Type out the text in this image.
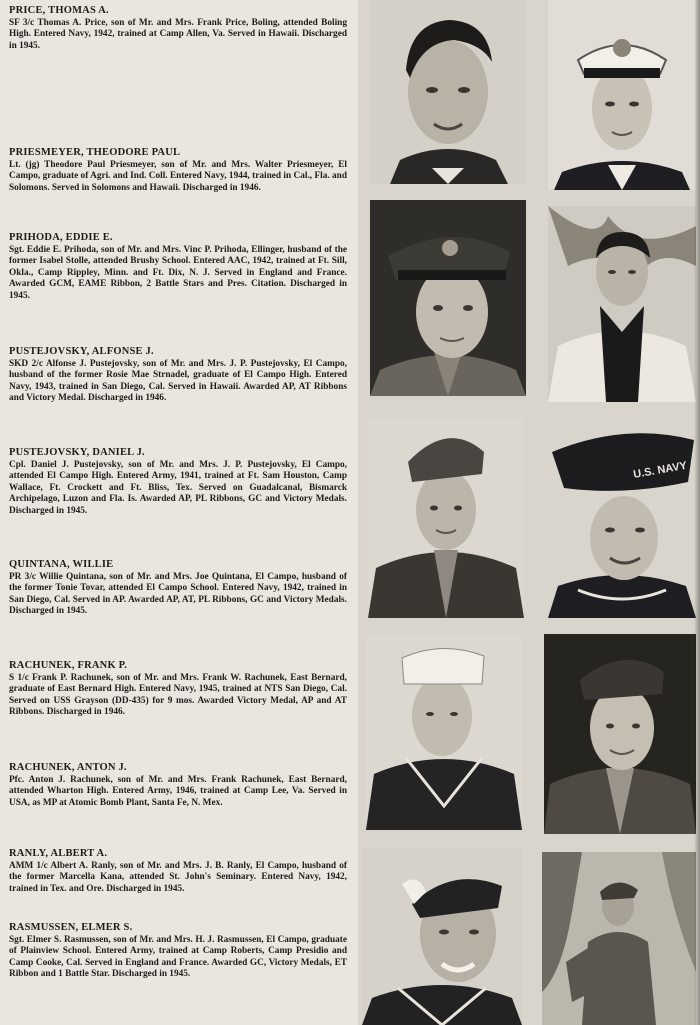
PRICE, THOMAS A.

SF 3/c Thomas A. Price, son of Mr. and Mrs. Frank Price, Boling, attended Boling High. Entered Navy, 1942, trained at Camp Allen, Va. Served in Hawaii. Discharged in 1945.

PRIESMEYER, THEODORE PAUL

Lt. (jg) Theodore Paul Priesmeyer, son of Mr. and Mrs. Walter Priesmeyer, El Campo, graduate of Agri. and Ind. Coll. Entered Navy, 1944, trained in Cal., Fla. and Solomons. Served in Solomons and Hawaii. Discharged in 1946.

PRIHODA, EDDIE E.

Sgt. Eddie E. Prihoda, son of Mr. and Mrs. Vinc P. Prihoda, Ellinger, husband of the former Isabel Stolle, attended Brushy School. Entered AAC, 1942, trained at Ft. Sill, Okla., Camp Rippley, Minn. and Ft. Dix, N. J. Served in England and France. Awarded GCM, EAME Ribbon, 2 Battle Stars and Pres. Citation. Discharged in 1945.

PUSTEJOVSKY, ALFONSE J.

SKD 2/c Alfonse J. Pustejovsky, son of Mr. and Mrs. J. P. Pustejovsky, El Campo, husband of the former Rosie Mae Strnadel, graduate of El Campo High. Entered Navy, 1943, trained in San Diego, Cal. Served in Hawaii. Awarded AP, AT Ribbons and Victory Medal. Discharged in 1946.

PUSTEJOVSKY, DANIEL J.

Cpl. Daniel J. Pustejovsky, son of Mr. and Mrs. J. P. Pustejovsky, El Campo, attended El Campo High. Entered Army, 1941, trained at Ft. Sam Houston, Camp Wallace, Ft. Crockett and Ft. Bliss, Tex. Served on Guadalcanal, Bismarck Archipelago, Luzon and Fla. Is. Awarded AP, PL Ribbons, GC and Victory Medals. Discharged in 1945.

QUINTANA, WILLIE

PR 3/c Willie Quintana, son of Mr. and Mrs. Joe Quintana, El Campo, husband of the former Tonie Tovar, attended El Campo School. Entered Navy, 1942, trained in San Diego, Cal. Served in AP. Awarded AP, AT, PL Ribbons, GC and Victory Medals. Discharged in 1945.

RACHUNEK, FRANK P.

S 1/c Frank P. Rachunek, son of Mr. and Mrs. Frank W. Rachunek, East Bernard, graduate of East Bernard High. Entered Navy, 1945, trained at NTS San Diego, Cal. Served on USS Grayson (DD-435) for 9 mos. Awarded Victory Medal, AP and AT Ribbons. Discharged in 1946.

RACHUNEK, ANTON J.

Pfc. Anton J. Rachunek, son of Mr. and Mrs. Frank Rachunek, East Bernard, attended Wharton High. Entered Army, 1946, trained at Camp Lee, Va. Served in USA, as MP at Atomic Bomb Plant, Santa Fe, N. Mex.

RANLY, ALBERT A.

AMM 1/c Albert A. Ranly, son of Mr. and Mrs. J. B. Ranly, El Campo, husband of the former Marcella Kana, attended St. John's Seminary. Entered Navy, 1942, trained in Tex. and Ore. Discharged in 1945.

RASMUSSEN, ELMER S.

Sgt. Elmer S. Rasmussen, son of Mr. and Mrs. H. J. Rasmussen, El Campo, graduate of Plainview School. Entered Army, trained at Camp Roberts, Camp Presidio and Camp Cooke, Cal. Served in England and France. Awarded GC, Victory Medals, ET Ribbon and 1 Battle Star. Discharged in 1945.

U.S. NAVY
